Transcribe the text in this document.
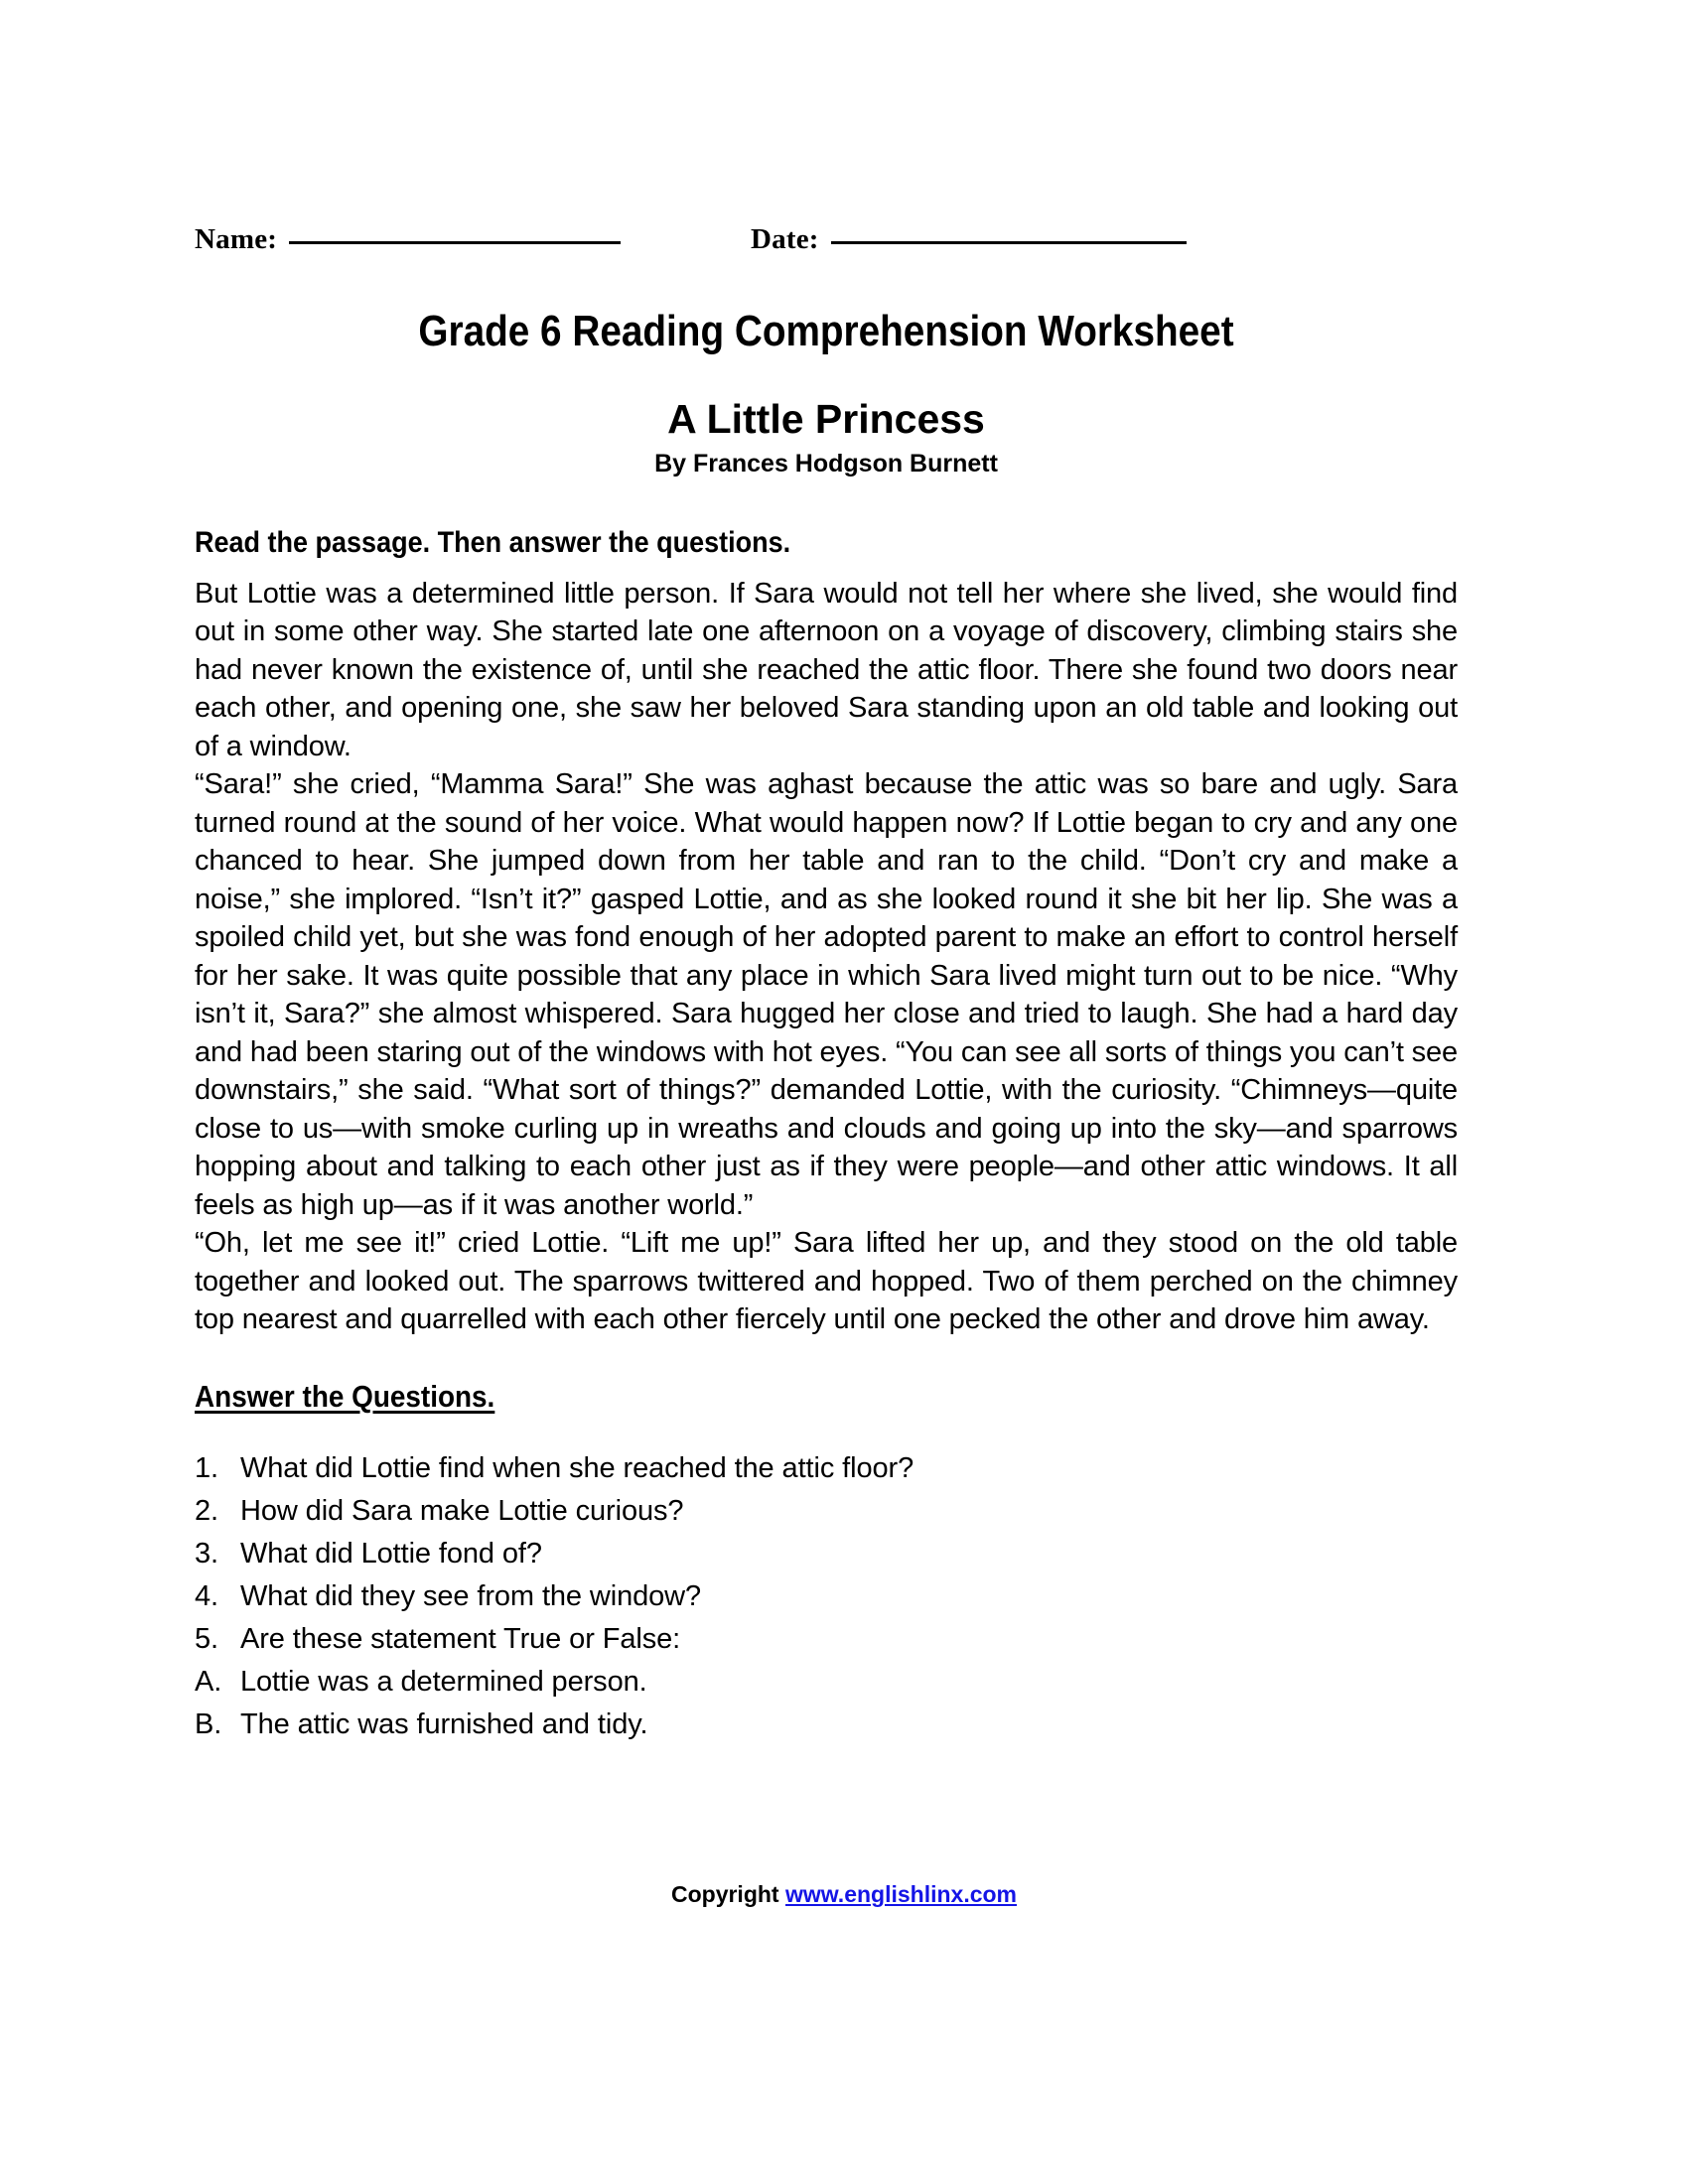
Name:	Date:
Grade 6 Reading Comprehension Worksheet
A Little Princess
By Frances Hodgson Burnett
Read the passage. Then answer the questions.

But Lottie was a determined little person. If Sara would not tell her where she lived, she would find out in some other way. She started late one afternoon on a voyage of discovery, climbing stairs she had never known the existence of, until she reached the attic floor. There she found two doors near each other, and opening one, she saw her beloved Sara standing upon an old table and looking out of a window.

“Sara!” she cried, “Mamma Sara!” She was aghast because the attic was so bare and ugly. Sara turned round at the sound of her voice. What would happen now? If Lottie began to cry and any one chanced to hear. She jumped down from her table and ran to the child. “Don’t cry and make a noise,” she implored. “Isn’t it?” gasped Lottie, and as she looked round it she bit her lip. She was a spoiled child yet, but she was fond enough of her adopted parent to make an effort to control herself for her sake. It was quite possible that any place in which Sara lived might turn out to be nice. “Why isn’t it, Sara?” she almost whispered. Sara hugged her close and tried to laugh. She had a hard day and had been staring out of the windows with hot eyes. “You can see all sorts of things you can’t see downstairs,” she said. “What sort of things?” demanded Lottie, with the curiosity. “Chimneys—quite close to us—with smoke curling up in wreaths and clouds and going up into the sky—and sparrows hopping about and talking to each other just as if they were people—and other attic windows. It all feels as high up—as if it was another world.”

“Oh, let me see it!” cried Lottie. “Lift me up!” Sara lifted her up, and they stood on the old table together and looked out. The sparrows twittered and hopped. Two of them perched on the chimney top nearest and quarrelled with each other fiercely until one pecked the other and drove him away.

Answer the Questions.
1. What did Lottie find when she reached the attic floor?
2. How did Sara make Lottie curious?
3. What did Lottie fond of?
4. What did they see from the window?
5. Are these statement True or False:
A. Lottie was a determined person.
B. The attic was furnished and tidy.
Copyright www.englishlinx.com
